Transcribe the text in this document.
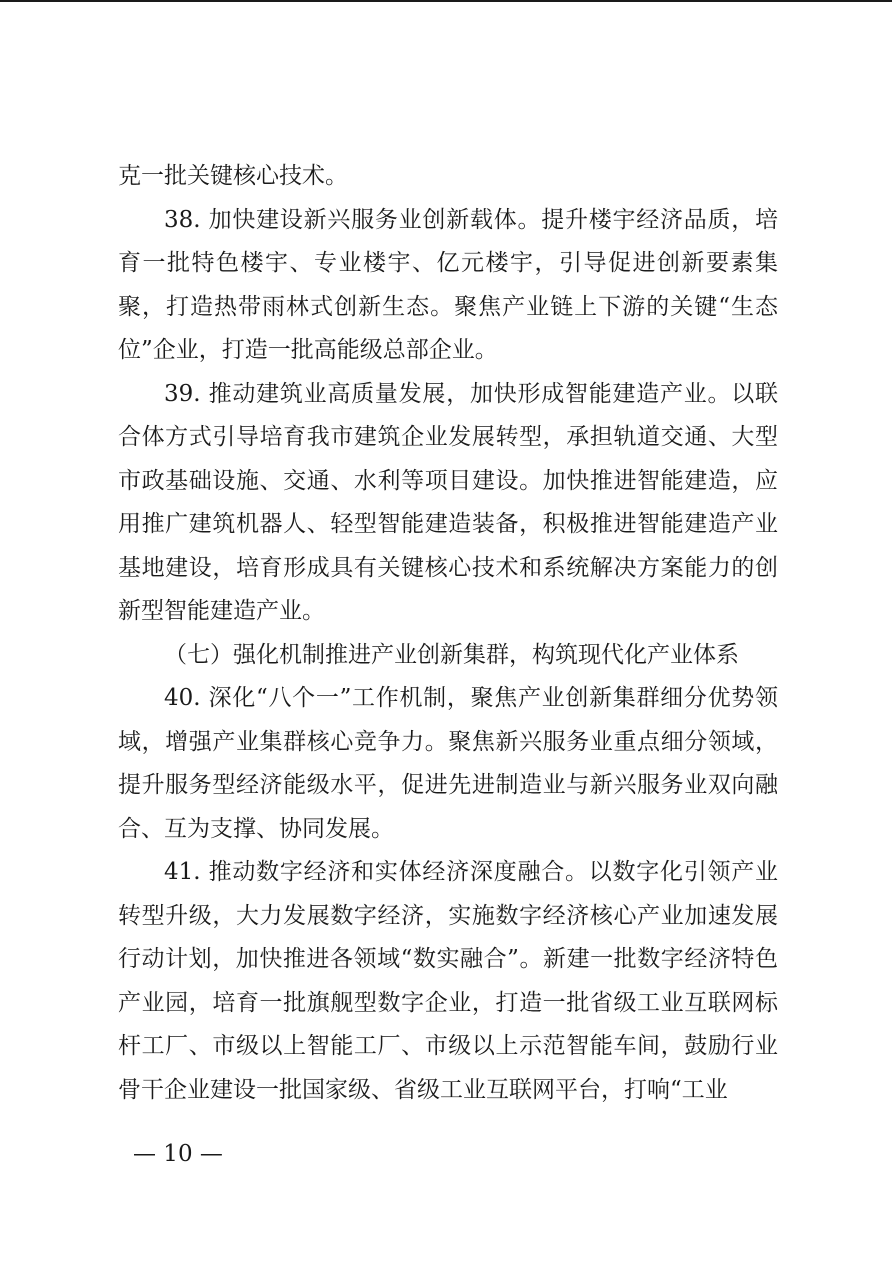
克一批关键核心技术。

38. 加快建设新兴服务业创新载体。提升楼宇经济品质，培育一批特色楼宇、专业楼宇、亿元楼宇，引导促进创新要素集聚，打造热带雨林式创新生态。聚焦产业链上下游的关键“生态位”企业，打造一批高能级总部企业。

39. 推动建筑业高质量发展，加快形成智能建造产业。以联合体方式引导培育我市建筑企业发展转型，承担轨道交通、大型市政基础设施、交通、水利等项目建设。加快推进智能建造，应用推广建筑机器人、轻型智能建造装备，积极推进智能建造产业基地建设，培育形成具有关键核心技术和系统解决方案能力的创新型智能建造产业。

（七）强化机制推进产业创新集群，构筑现代化产业体系

40. 深化“八个一”工作机制，聚焦产业创新集群细分优势领域，增强产业集群核心竞争力。聚焦新兴服务业重点细分领域，提升服务型经济能级水平，促进先进制造业与新兴服务业双向融合、互为支撑、协同发展。

41. 推动数字经济和实体经济深度融合。以数字化引领产业转型升级，大力发展数字经济，实施数字经济核心产业加速发展行动计划，加快推进各领域“数实融合”。新建一批数字经济特色产业园，培育一批旗舰型数字企业，打造一批省级工业互联网标杆工厂、市级以上智能工厂、市级以上示范智能车间，鼓励行业骨干企业建设一批国家级、省级工业互联网平台，打响“工业

— 10 —
